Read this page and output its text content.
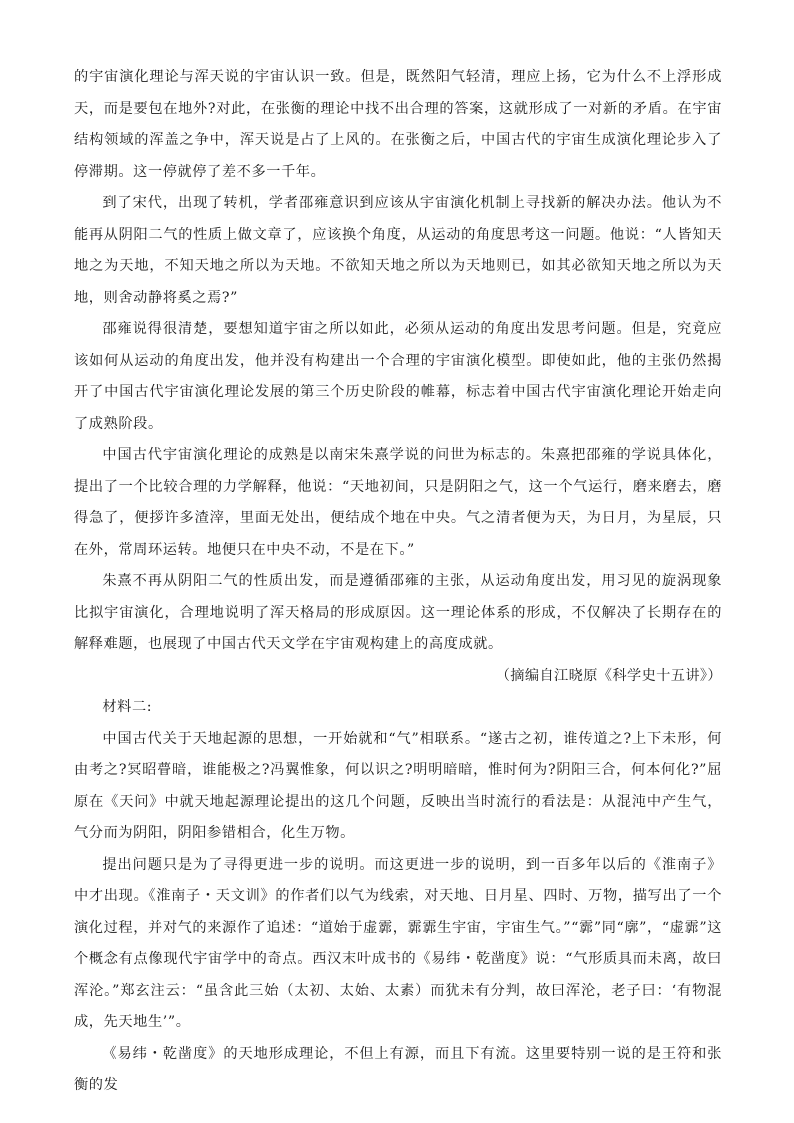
的宇宙演化理论与浑天说的宇宙认识一致。但是，既然阳气轻清，理应上扬，它为什么不上浮形成天，而是要包在地外?对此，在张衡的理论中找不出合理的答案，这就形成了一对新的矛盾。在宇宙结构领域的浑盖之争中，浑天说是占了上风的。在张衡之后，中国古代的宇宙生成演化理论步入了停滞期。这一停就停了差不多一千年。

到了宋代，出现了转机，学者邵雍意识到应该从宇宙演化机制上寻找新的解决办法。他认为不能再从阴阳二气的性质上做文章了，应该换个角度，从运动的角度思考这一问题。他说：“人皆知天地之为天地，不知天地之所以为天地。不欲知天地之所以为天地则已，如其必欲知天地之所以为天地，则舍动静将奚之焉?”

邵雍说得很清楚，要想知道宇宙之所以如此，必须从运动的角度出发思考问题。但是，究竟应该如何从运动的角度出发，他并没有构建出一个合理的宇宙演化模型。即使如此，他的主张仍然揭开了中国古代宇宙演化理论发展的第三个历史阶段的帷幕，标志着中国古代宇宙演化理论开始走向了成熟阶段。

中国古代宇宙演化理论的成熟是以南宋朱熹学说的问世为标志的。朱熹把邵雍的学说具体化，提出了一个比较合理的力学解释，他说：“天地初间，只是阴阳之气，这一个气运行，磨来磨去，磨得急了，便拶许多渣滓，里面无处出，便结成个地在中央。气之清者便为天，为日月，为星辰，只在外，常周环运转。地便只在中央不动，不是在下。”

朱熹不再从阴阳二气的性质出发，而是遵循邵雍的主张，从运动角度出发，用习见的旋涡现象比拟宇宙演化，合理地说明了浑天格局的形成原因。这一理论体系的形成，不仅解决了长期存在的解释难题，也展现了中国古代天文学在宇宙观构建上的高度成就。

（摘编自江晓原《科学史十五讲》）

材料二:

中国古代关于天地起源的思想，一开始就和“气”相联系。“遂古之初，谁传道之?上下未形，何由考之?冥昭瞢暗，谁能极之?冯翼惟象，何以识之?明明暗暗，惟时何为?阴阳三合，何本何化?”屈原在《天问》中就天地起源理论提出的这几个问题，反映出当时流行的看法是：从混沌中产生气，气分而为阴阳，阴阳参错相合，化生万物。

提出问题只是为了寻得更进一步的说明。而这更进一步的说明，到一百多年以后的《淮南子》中才出现。《淮南子・天文训》的作者们以气为线索，对天地、日月星、四时、万物，描写出了一个演化过程，并对气的来源作了追述：“道始于虚霩，霩霩生宇宙，宇宙生气。”“霩”同“廓”，“虚霩”这个概念有点像现代宇宙学中的奇点。西汉末叶成书的《易纬・乾凿度》说：“气形质具而未离，故曰浑沦。”郑玄注云：“虽含此三始（太初、太始、太素）而犹未有分判，故曰浑沦，老子曰：‘有物混成，先天地生’”。

《易纬・乾凿度》的天地形成理论，不但上有源，而且下有流。这里要特别一说的是王符和张衡的发
